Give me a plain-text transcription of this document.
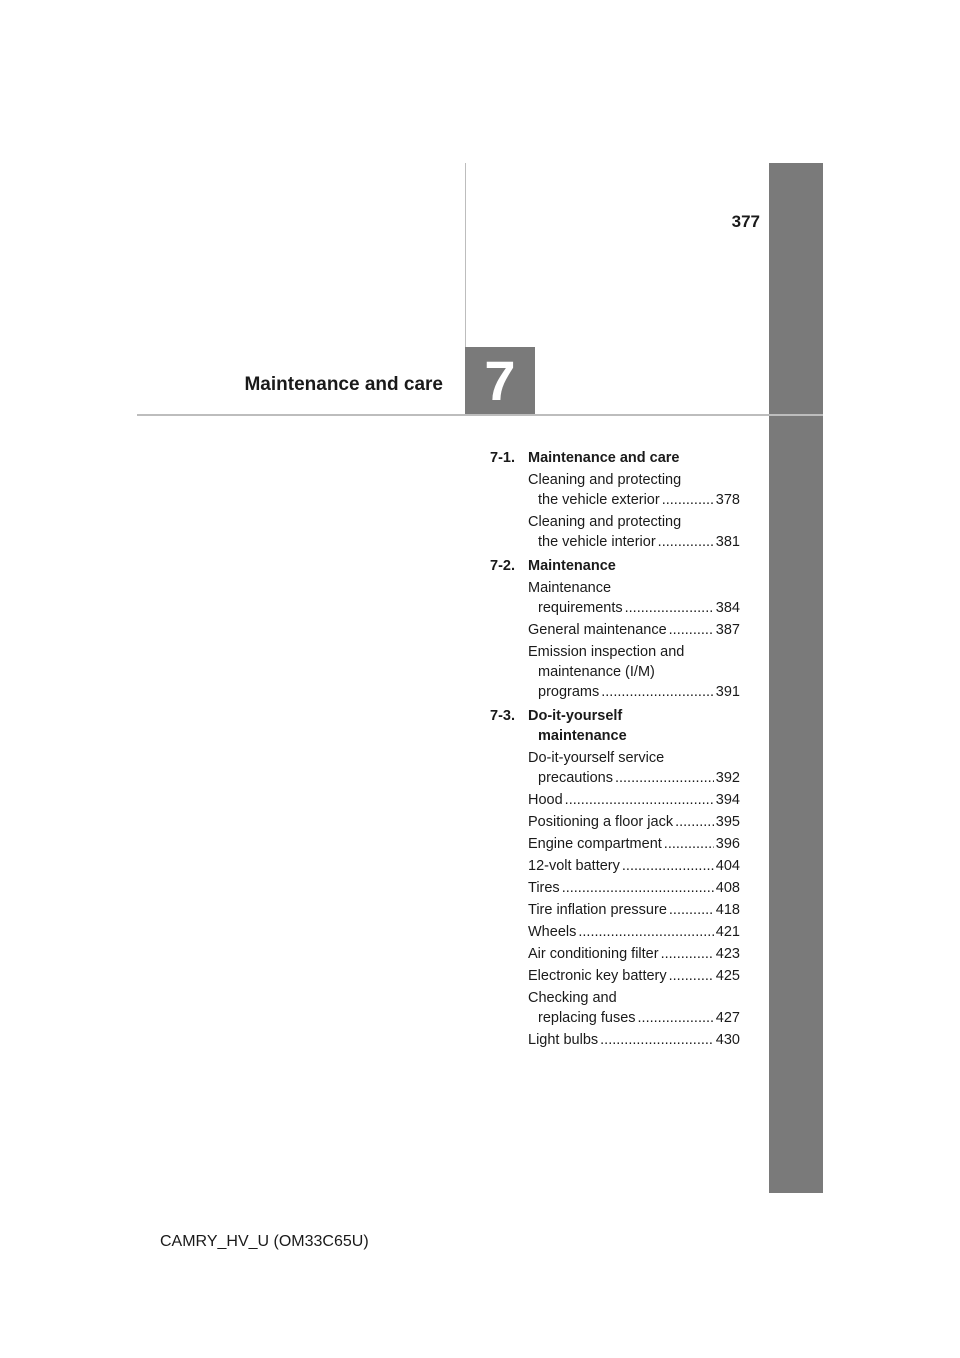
377
Maintenance and care 7
7-1. Maintenance and care
Cleaning and protecting
the vehicle exterior .....	378
Cleaning and protecting
the vehicle interior .....	381
7-2. Maintenance
Maintenance
requirements .....	384
General maintenance .....	387
Emission inspection and
maintenance (I/M)
programs .....	391
7-3. Do-it-yourself
maintenance
Do-it-yourself service
precautions .....	392
Hood .....	394
Positioning a floor jack .....	395
Engine compartment .....	396
12-volt battery .....	404
Tires .....	408
Tire inflation pressure .....	418
Wheels .....	421
Air conditioning filter .....	423
Electronic key battery .....	425
Checking and
replacing fuses .....	427
Light bulbs .....	430
CAMRY_HV_U (OM33C65U)
